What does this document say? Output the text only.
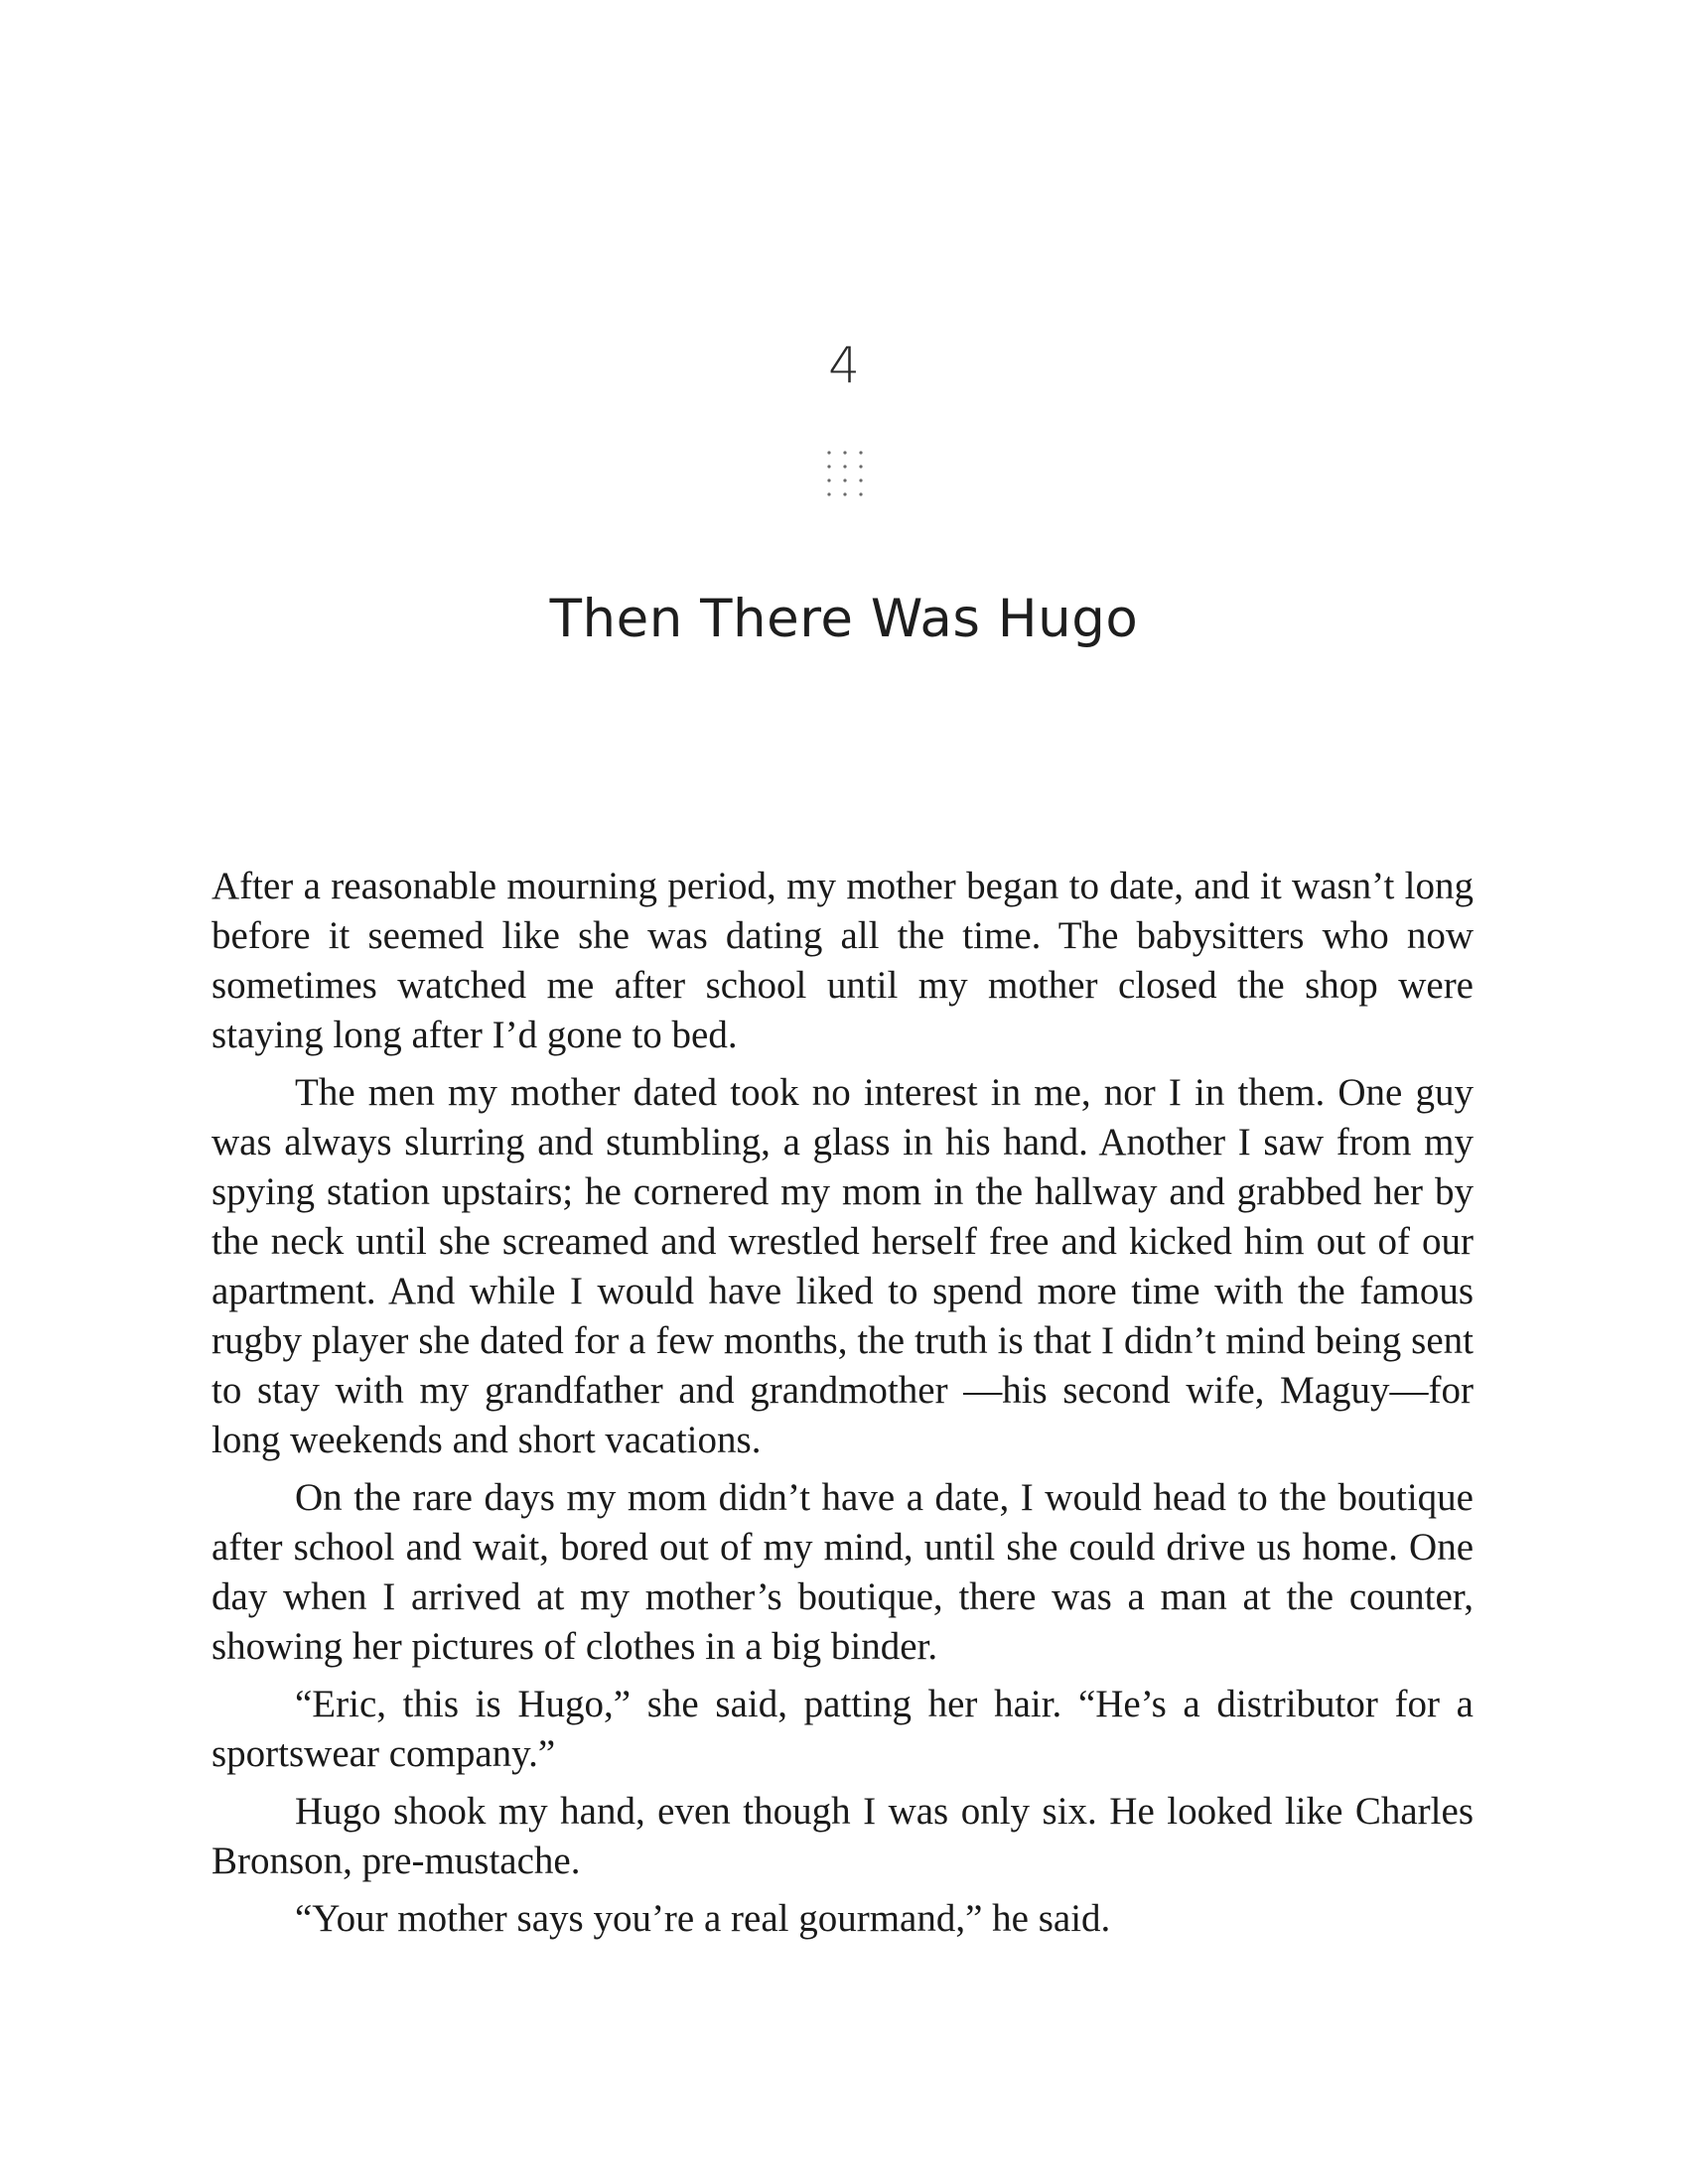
4
Then There Was Hugo

After a reasonable mourning period, my mother began to date, and it wasn’t long before it seemed like she was dating all the time. The babysitters who now sometimes watched me after school until my mother closed the shop were staying long after I’d gone to bed.

The men my mother dated took no interest in me, nor I in them. One guy was always slurring and stumbling, a glass in his hand. Another I saw from my spying station upstairs; he cornered my mom in the hallway and grabbed her by the neck until she screamed and wrestled herself free and kicked him out of our apartment. And while I would have liked to spend more time with the famous rugby player she dated for a few months, the truth is that I didn’t mind being sent to stay with my grandfather and grandmother —his second wife, Maguy—for long weekends and short vacations.

On the rare days my mom didn’t have a date, I would head to the boutique after school and wait, bored out of my mind, until she could drive us home. One day when I arrived at my mother’s boutique, there was a man at the counter, showing her pictures of clothes in a big binder.

“Eric, this is Hugo,” she said, patting her hair. “He’s a distributor for a sportswear company.”

Hugo shook my hand, even though I was only six. He looked like Charles Bronson, pre-mustache.

“Your mother says you’re a real gourmand,” he said.
